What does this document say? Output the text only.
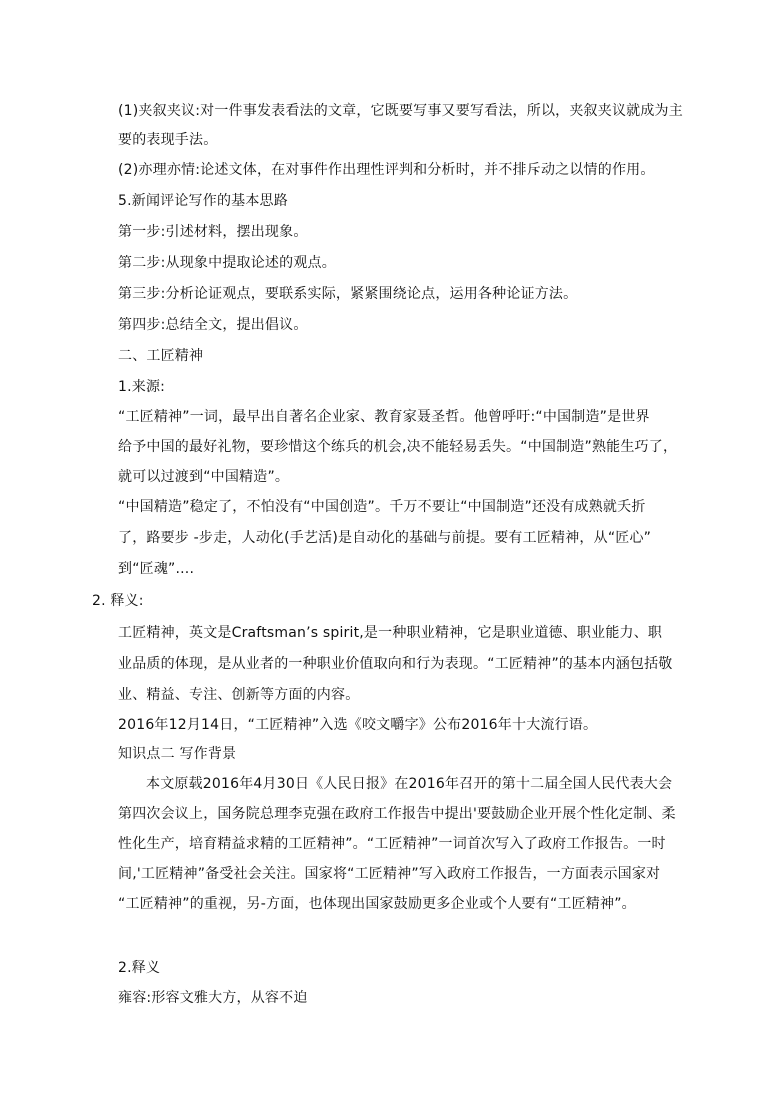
(1)夹叙夹议:对一件事发表看法的文章，它既要写事又要写看法，所以，夹叙夹议就成为主
要的表现手法。
(2)亦理亦情:论述文体，在对事件作出理性评判和分析时，并不排斥动之以情的作用。
5.新闻评论写作的基本思路
第一步:引述材料，摆出现象。
第二步:从现象中提取论述的观点。
第三步:分析论证观点，要联系实际，紧紧围绕论点，运用各种论证方法。
第四步:总结全文，提出倡议。
二、工匠精神
1.来源:
“工匠精神”一词，最早出自著名企业家、教育家聂圣哲。他曾呼吁:“中国制造”是世界
给予中国的最好礼物，要珍惜这个练兵的机会,决不能轻易丢失。“中国制造”熟能生巧了，
就可以过渡到“中国精造”。
“中国精造”稳定了，不怕没有“中国创造”。千万不要让“中国制造”还没有成熟就夭折
了，路要步 -步走，人动化(手艺活)是自动化的基础与前提。要有工匠精神，从“匠心”
到“匠魂”....
2. 释义:
工匠精神，英文是Craftsman’s spirit,是一种职业精神，它是职业道德、职业能力、职
业品质的体现，是从业者的一种职业价值取向和行为表现。“工匠精神”的基本内涵包括敬
业、精益、专注、创新等方面的内容。
2016年12月14日，“工匠精神”入选《咬文嚼字》公布2016年十大流行语。
知识点二 写作背景
本文原载2016年4月30日《人民日报》在2016年召开的第十二届全国人民代表大会
第四次会议上，国务院总理李克强在政府工作报告中提出'要鼓励企业开展个性化定制、柔
性化生产，培育精益求精的工匠精神”。“工匠精神”一词首次写入了政府工作报告。一时
间,'工匠精神”备受社会关注。国家将“工匠精神”写入政府工作报告，一方面表示国家对
“工匠精神”的重视，另-方面，也体现出国家鼓励更多企业或个人要有“工匠精神”。
2.释义
雍容:形容文雅大方，从容不迫
